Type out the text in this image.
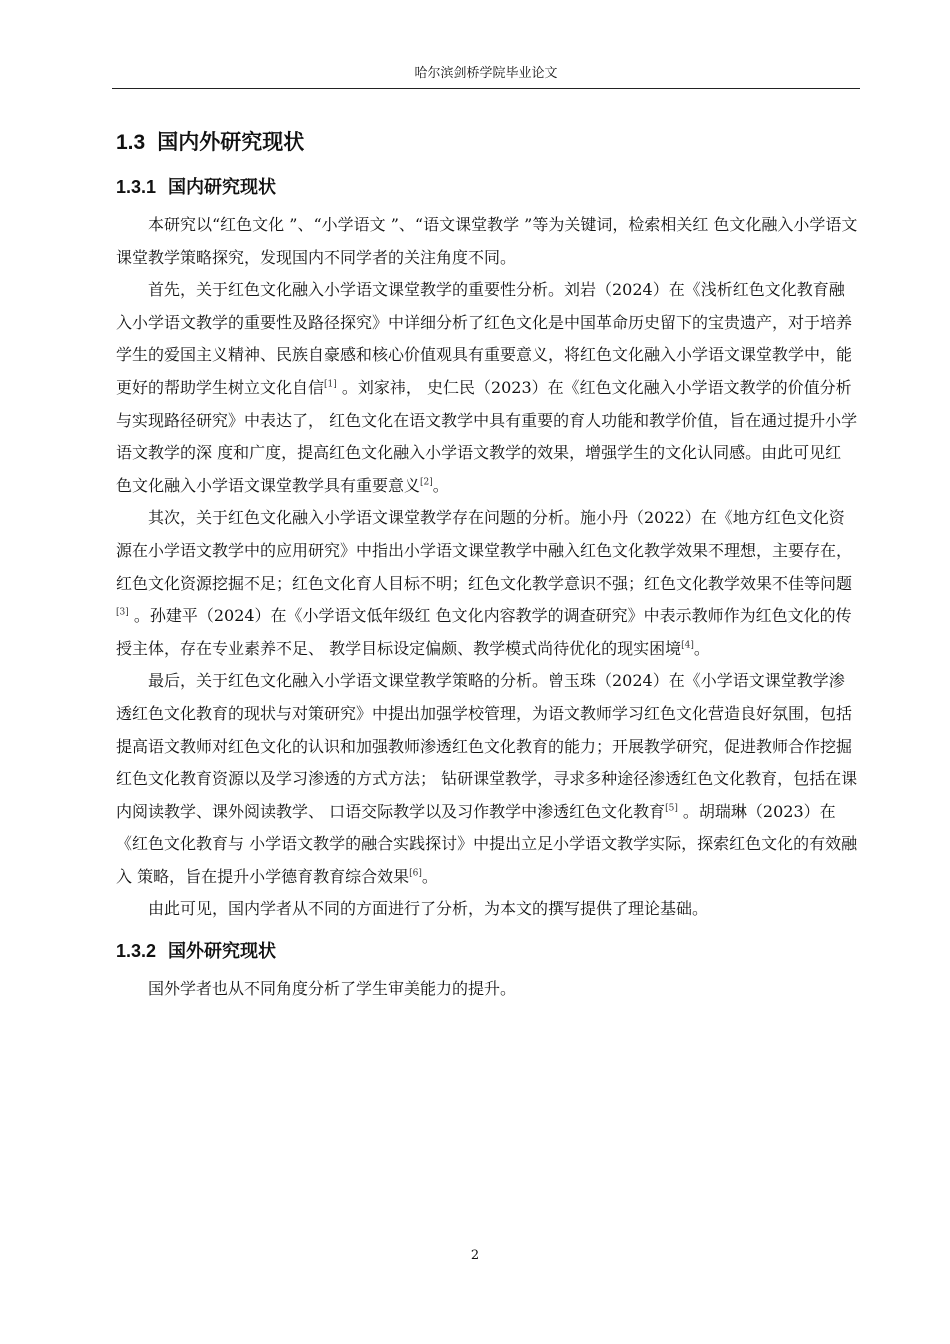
哈尔滨剑桥学院毕业论文
1.3 国内外研究现状
1.3.1 国内研究现状

本研究以“红色文化 ”、“小学语文 ”、“语文课堂教学 ”等为关键词，检索相关红 色文化融入小学语文课堂教学策略探究，发现国内不同学者的关注角度不同。

首先，关于红色文化融入小学语文课堂教学的重要性分析。刘岩（2024）在《浅析红色文化教育融入小学语文教学的重要性及路径探究》中详细分析了红色文化是中国革命历史留下的宝贵遗产，对于培养学生的爱国主义精神、民族自豪感和核心价值观具有重要意义，将红色文化融入小学语文课堂教学中，能更好的帮助学生树立文化自信[1] 。刘家祎， 史仁民（2023）在《红色文化融入小学语文教学的价值分析与实现路径研究》中表达了， 红色文化在语文教学中具有重要的育人功能和教学价值，旨在通过提升小学语文教学的深 度和广度，提高红色文化融入小学语文教学的效果，增强学生的文化认同感。由此可见红 色文化融入小学语文课堂教学具有重要意义[2]。

其次，关于红色文化融入小学语文课堂教学存在问题的分析。施小丹（2022）在《地方红色文化资源在小学语文教学中的应用研究》中指出小学语文课堂教学中融入红色文化教学效果不理想，主要存在，红色文化资源挖掘不足；红色文化育人目标不明；红色文化教学意识不强；红色文化教学效果不佳等问题[3] 。孙建平（2024）在《小学语文低年级红 色文化内容教学的调查研究》中表示教师作为红色文化的传授主体，存在专业素养不足、 教学目标设定偏颇、教学模式尚待优化的现实困境[4]。

最后，关于红色文化融入小学语文课堂教学策略的分析。曾玉珠（2024）在《小学语文课堂教学渗透红色文化教育的现状与对策研究》中提出加强学校管理，为语文教师学习红色文化营造良好氛围，包括提高语文教师对红色文化的认识和加强教师渗透红色文化教育的能力；开展教学研究，促进教师合作挖掘红色文化教育资源以及学习渗透的方式方法； 钻研课堂教学，寻求多种途径渗透红色文化教育，包括在课内阅读教学、课外阅读教学、 口语交际教学以及习作教学中渗透红色文化教育[5] 。胡瑞琳（2023）在《红色文化教育与 小学语文教学的融合实践探讨》中提出立足小学语文教学实际，探索红色文化的有效融入 策略，旨在提升小学德育教育综合效果[6]。

由此可见，国内学者从不同的方面进行了分析，为本文的撰写提供了理论基础。

1.3.2 国外研究现状

国外学者也从不同角度分析了学生审美能力的提升。

2
